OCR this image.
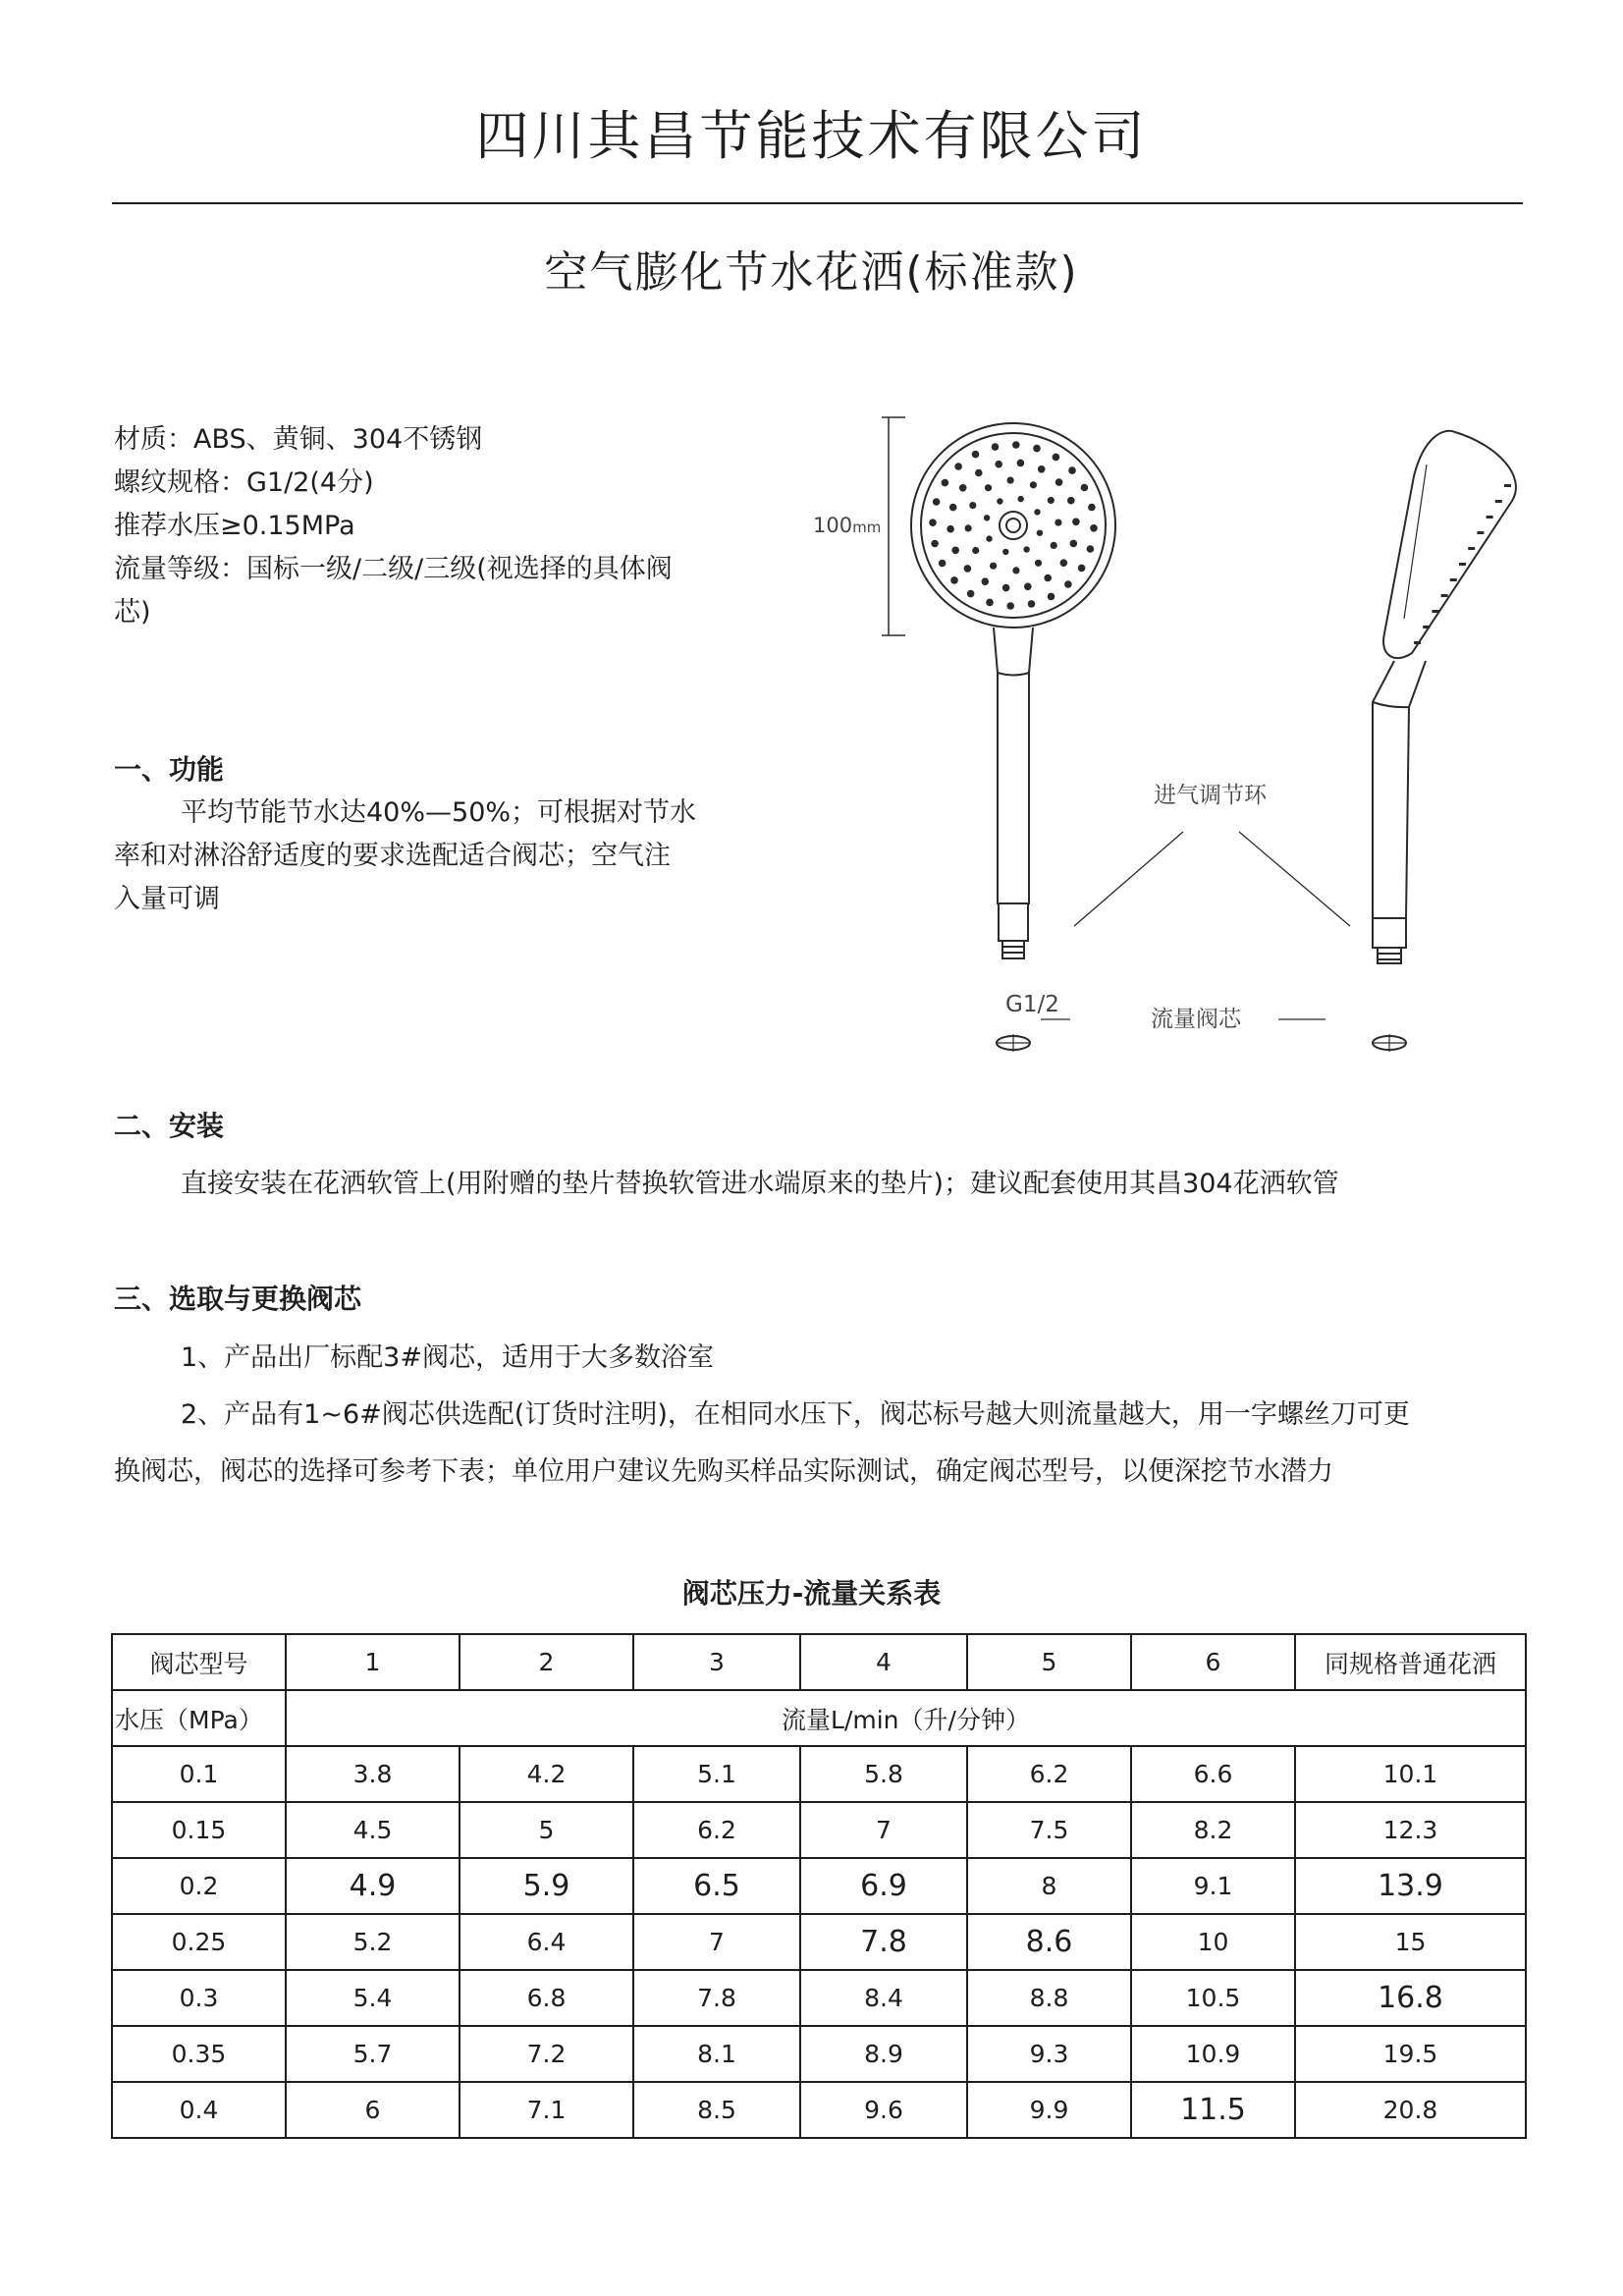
四川其昌节能技术有限公司
空气膨化节水花洒(标准款)
材质：ABS、黄铜、304不锈钢
螺纹规格：G1/2(4分)
推荐水压≥0.15MPa
流量等级：国标一级/二级/三级(视选择的具体阀
芯)
100mm
进气调节环
G1/2
流量阀芯
一、功能
平均节能节水达40%—50%；可根据对节水
率和对淋浴舒适度的要求选配适合阀芯；空气注
入量可调
二、安装
直接安装在花洒软管上(用附赠的垫片替换软管进水端原来的垫片)；建议配套使用其昌304花洒软管
三、选取与更换阀芯
1、产品出厂标配3#阀芯，适用于大多数浴室
2、产品有1~6#阀芯供选配(订货时注明)，在相同水压下，阀芯标号越大则流量越大，用一字螺丝刀可更
换阀芯，阀芯的选择可参考下表；单位用户建议先购买样品实际测试，确定阀芯型号，以便深挖节水潜力
阀芯压力-流量关系表
阀芯型号	1	2	3	4	5	6	同规格普通花洒
水压（MPa）	流量L/min（升/分钟）						
0.1	3.8	4.2	5.1	5.8	6.2	6.6	10.1
0.15	4.5	5	6.2	7	7.5	8.2	12.3
0.2	4.9	5.9	6.5	6.9	8	9.1	13.9
0.25	5.2	6.4	7	7.8	8.6	10	15
0.3	5.4	6.8	7.8	8.4	8.8	10.5	16.8
0.35	5.7	7.2	8.1	8.9	9.3	10.9	19.5
0.4	6	7.1	8.5	9.6	9.9	11.5	20.8
